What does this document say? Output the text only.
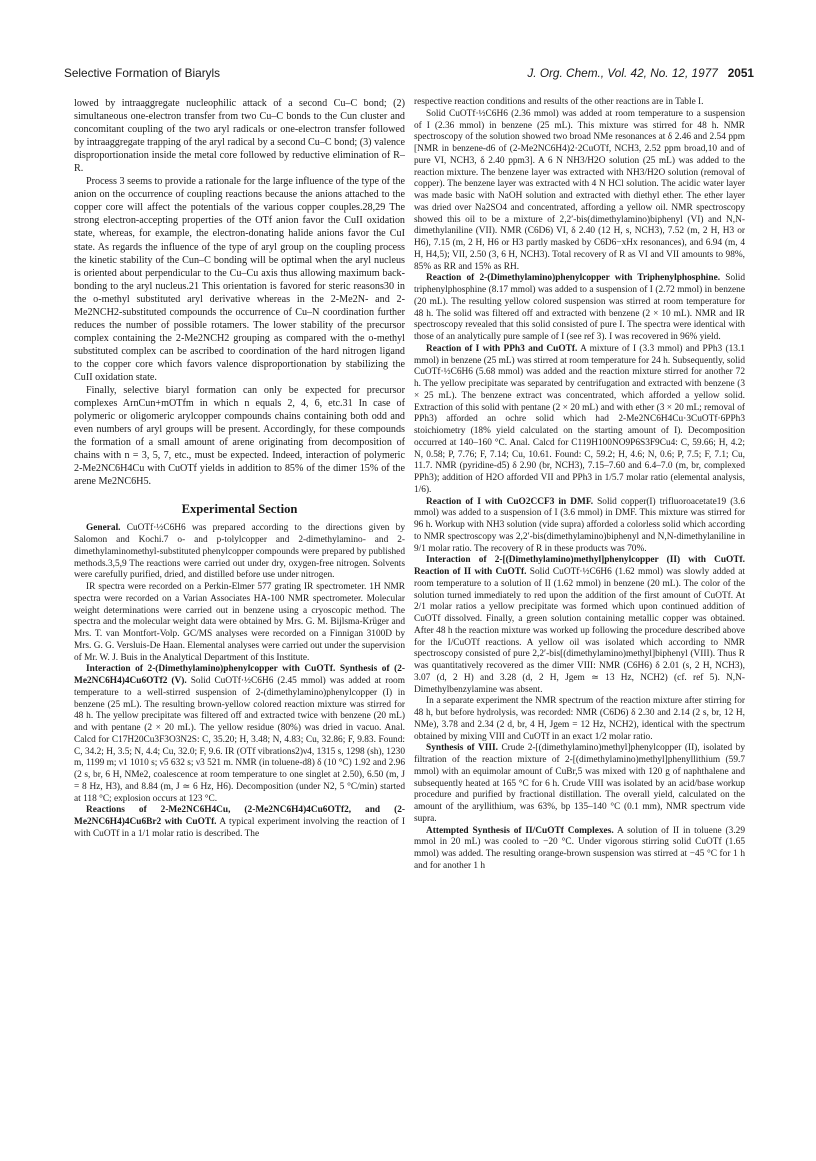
Selective Formation of Biaryls	J. Org. Chem., Vol. 42, No. 12, 1977 2051

lowed by intraaggregate nucleophilic attack of a second Cu–C bond; (2) simultaneous one-electron transfer from two Cu–C bonds to the Cun cluster and concomitant coupling of the two aryl radicals or one-electron transfer followed by intraaggregate trapping of the aryl radical by a second Cu–C bond; (3) valence disproportionation inside the metal core followed by reductive elimination of R–R.

Process 3 seems to provide a rationale for the large influence of the type of the anion on the occurrence of coupling reactions because the anions attached to the copper core will affect the potentials of the various copper couples.28,29 The strong electron-accepting properties of the OTf anion favor the CuII oxidation state, whereas, for example, the electron-donating halide anions favor the CuI state. As regards the influence of the type of aryl group on the coupling process the kinetic stability of the Cun–C bonding will be optimal when the aryl nucleus is oriented about perpendicular to the Cu–Cu axis thus allowing maximum back-bonding to the aryl nucleus.21 This orientation is favored for steric reasons30 in the o-methyl substituted aryl derivative whereas in the 2-Me2N- and 2-Me2NCH2-substituted compounds the occurrence of Cu–N coordination further reduces the number of possible rotamers. The lower stability of the precursor complex containing the 2-Me2NCH2 grouping as compared with the o-methyl substituted complex can be ascribed to coordination of the hard nitrogen ligand to the copper core which favors valence disproportionation by stabilizing the CuII oxidation state.

Finally, selective biaryl formation can only be expected for precursor complexes ArnCun+mOTfm in which n equals 2, 4, 6, etc.31 In case of polymeric or oligomeric arylcopper compounds chains containing both odd and even numbers of aryl groups will be present. Accordingly, for these compounds the formation of a small amount of arene originating from decomposition of chains with n = 3, 5, 7, etc., must be expected. Indeed, interaction of polymeric 2-Me2NC6H4Cu with CuOTf yields in addition to 85% of the dimer 15% of the arene Me2NC6H5.

Experimental Section

General. CuOTf·½C6H6 was prepared according to the directions given by Salomon and Kochi.7 o- and p-tolylcopper and 2-dimethylamino- and 2-dimethylaminomethyl-substituted phenylcopper compounds were prepared by published methods.3,5,9 The reactions were carried out under dry, oxygen-free nitrogen. Solvents were carefully purified, dried, and distilled before use under nitrogen.

IR spectra were recorded on a Perkin-Elmer 577 grating IR spectrometer. 1H NMR spectra were recorded on a Varian Associates HA-100 NMR spectrometer. Molecular weight determinations were carried out in benzene using a cryoscopic method. The spectra and the molecular weight data were obtained by Mrs. G. M. Bijlsma-Krüger and Mrs. T. van Montfort-Volp. GC/MS analyses were recorded on a Finnigan 3100D by Mrs. G. G. Versluis-De Haan. Elemental analyses were carried out under the supervision of Mr. W. J. Buis in the Analytical Department of this Institute.

Interaction of 2-(Dimethylamino)phenylcopper with CuOTf. Synthesis of (2-Me2NC6H4)4Cu6OTf2 (V). Solid CuOTf·½C6H6 (2.45 mmol) was added at room temperature to a well-stirred suspension of 2-(dimethylamino)phenylcopper (I) in benzene (25 mL). The resulting brown-yellow colored reaction mixture was stirred for 48 h. The yellow precipitate was filtered off and extracted twice with benzene (20 mL) and with pentane (2 × 20 mL). The yellow residue (80%) was dried in vacuo. Anal. Calcd for C17H20Cu3F3O3N2S: C, 35.20; H, 3.48; N, 4.83; Cu, 32.86; F, 9.83. Found: C, 34.2; H, 3.5; N, 4.4; Cu, 32.0; F, 9.6. IR (OTf vibrations2)ν4, 1315 s, 1298 (sh), 1230 m, 1199 m; ν1 1010 s; ν5 632 s; ν3 521 m. NMR (in toluene-d8) δ (10 °C) 1.92 and 2.96 (2 s, br, 6 H, NMe2, coalescence at room temperature to one singlet at 2.50), 6.50 (m, J = 8 Hz, H3), and 8.84 (m, J ≃ 6 Hz, H6). Decomposition (under N2, 5 °C/min) started at 118 °C; explosion occurs at 123 °C.

Reactions of 2-Me2NC6H4Cu, (2-Me2NC6H4)4Cu6OTf2, and (2-Me2NC6H4)4Cu6Br2 with CuOTf. A typical experiment involving the reaction of I with CuOTf in a 1/1 molar ratio is described. The

respective reaction conditions and results of the other reactions are in Table I.

Solid CuOTf·½C6H6 (2.36 mmol) was added at room temperature to a suspension of I (2.36 mmol) in benzene (25 mL). This mixture was stirred for 48 h. NMR spectroscopy of the solution showed two broad NMe resonances at δ 2.46 and 2.54 ppm [NMR in benzene-d6 of (2-Me2NC6H4)2·2CuOTf, NCH3, 2.52 ppm broad,10 and of pure VI, NCH3, δ 2.40 ppm3]. A 6 N NH3/H2O solution (25 mL) was added to the reaction mixture. The benzene layer was extracted with NH3/H2O solution (removal of copper). The benzene layer was extracted with 4 N HCl solution. The acidic water layer was made basic with NaOH solution and extracted with diethyl ether. The ether layer was dried over Na2SO4 and concentrated, affording a yellow oil. NMR spectroscopy showed this oil to be a mixture of 2,2′-bis(dimethylamino)biphenyl (VI) and N,N-dimethylaniline (VII). NMR (C6D6) VI, δ 2.40 (12 H, s, NCH3), 7.52 (m, 2 H, H3 or H6), 7.15 (m, 2 H, H6 or H3 partly masked by C6D6−xHx resonances), and 6.94 (m, 4 H, H4,5); VII, 2.50 (3, 6 H, NCH3). Total recovery of R as VI and VII amounts to 98%, 85% as RR and 15% as RH.

Reaction of 2-(Dimethylamino)phenylcopper with Triphenylphosphine. Solid triphenylphosphine (8.17 mmol) was added to a suspension of I (2.72 mmol) in benzene (20 mL). The resulting yellow colored suspension was stirred at room temperature for 48 h. The solid was filtered off and extracted with benzene (2 × 10 mL). NMR and IR spectroscopy revealed that this solid consisted of pure I. The spectra were identical with those of an analytically pure sample of I (see ref 3). I was recovered in 96% yield.

Reaction of I with PPh3 and CuOTf. A mixture of I (3.3 mmol) and PPh3 (13.1 mmol) in benzene (25 mL) was stirred at room temperature for 24 h. Subsequently, solid CuOTf·½C6H6 (5.68 mmol) was added and the reaction mixture stirred for another 72 h. The yellow precipitate was separated by centrifugation and extracted with benzene (3 × 25 mL). The benzene extract was concentrated, which afforded a yellow solid. Extraction of this solid with pentane (2 × 20 mL) and with ether (3 × 20 mL; removal of PPh3) afforded an ochre solid which had 2-Me2NC6H4Cu·3CuOTf·6PPh3 stoichiometry (18% yield calculated on the starting amount of I). Decomposition occurred at 140–160 °C. Anal. Calcd for C119H100NO9P6S3F9Cu4: C, 59.66; H, 4.2; N, 0.58; P, 7.76; F, 7.14; Cu, 10.61. Found: C, 59.2; H, 4.6; N, 0.6; P, 7.5; F, 7.1; Cu, 11.7. NMR (pyridine-d5) δ 2.90 (br, NCH3), 7.15–7.60 and 6.4–7.0 (m, br, complexed PPh3); addition of H2O afforded VII and PPh3 in 1/5.7 molar ratio (elemental analysis, 1/6).

Reaction of I with CuO2CCF3 in DMF. Solid copper(I) trifluoroacetate19 (3.6 mmol) was added to a suspension of I (3.6 mmol) in DMF. This mixture was stirred for 96 h. Workup with NH3 solution (vide supra) afforded a colorless solid which according to NMR spectroscopy was 2,2′-bis(dimethylamino)biphenyl and N,N-dimethylaniline in 9/1 molar ratio. The recovery of R in these products was 70%.

Interaction of 2-[(Dimethylamino)methyl]phenylcopper (II) with CuOTf. Reaction of II with CuOTf. Solid CuOTf·½C6H6 (1.62 mmol) was slowly added at room temperature to a solution of II (1.62 mmol) in benzene (20 mL). The color of the solution turned immediately to red upon the addition of the first amount of CuOTf. At 2/1 molar ratios a yellow precipitate was formed which upon continued addition of CuOTf dissolved. Finally, a green solution containing metallic copper was obtained. After 48 h the reaction mixture was worked up following the procedure described above for the I/CuOTf reactions. A yellow oil was isolated which according to NMR spectroscopy consisted of pure 2,2′-bis[(dimethylamino)methyl]biphenyl (VIII). Thus R was quantitatively recovered as the dimer VIII: NMR (C6H6) δ 2.01 (s, 2 H, NCH3), 3.07 (d, 2 H) and 3.28 (d, 2 H, Jgem ≃ 13 Hz, NCH2) (cf. ref 5). N,N-Dimethylbenzylamine was absent.

In a separate experiment the NMR spectrum of the reaction mixture after stirring for 48 h, but before hydrolysis, was recorded: NMR (C6D6) δ 2.30 and 2.14 (2 s, br, 12 H, NMe), 3.78 and 2.34 (2 d, br, 4 H, Jgem = 12 Hz, NCH2), identical with the spectrum obtained by mixing VIII and CuOTf in an exact 1/2 molar ratio.

Synthesis of VIII. Crude 2-[(dimethylamino)methyl]phenylcopper (II), isolated by filtration of the reaction mixture of 2-[(dimethylamino)methyl]phenyllithium (59.7 mmol) with an equimolar amount of CuBr,5 was mixed with 120 g of naphthalene and subsequently heated at 165 °C for 6 h. Crude VIII was isolated by an acid/base workup procedure and purified by fractional distillation. The overall yield, calculated on the amount of the aryllithium, was 63%, bp 135–140 °C (0.1 mm), NMR spectrum vide supra.

Attempted Synthesis of II/CuOTf Complexes. A solution of II in toluene (3.29 mmol in 20 mL) was cooled to −20 °C. Under vigorous stirring solid CuOTf (1.65 mmol) was added. The resulting orange-brown suspension was stirred at −45 °C for 1 h and for another 1 h
